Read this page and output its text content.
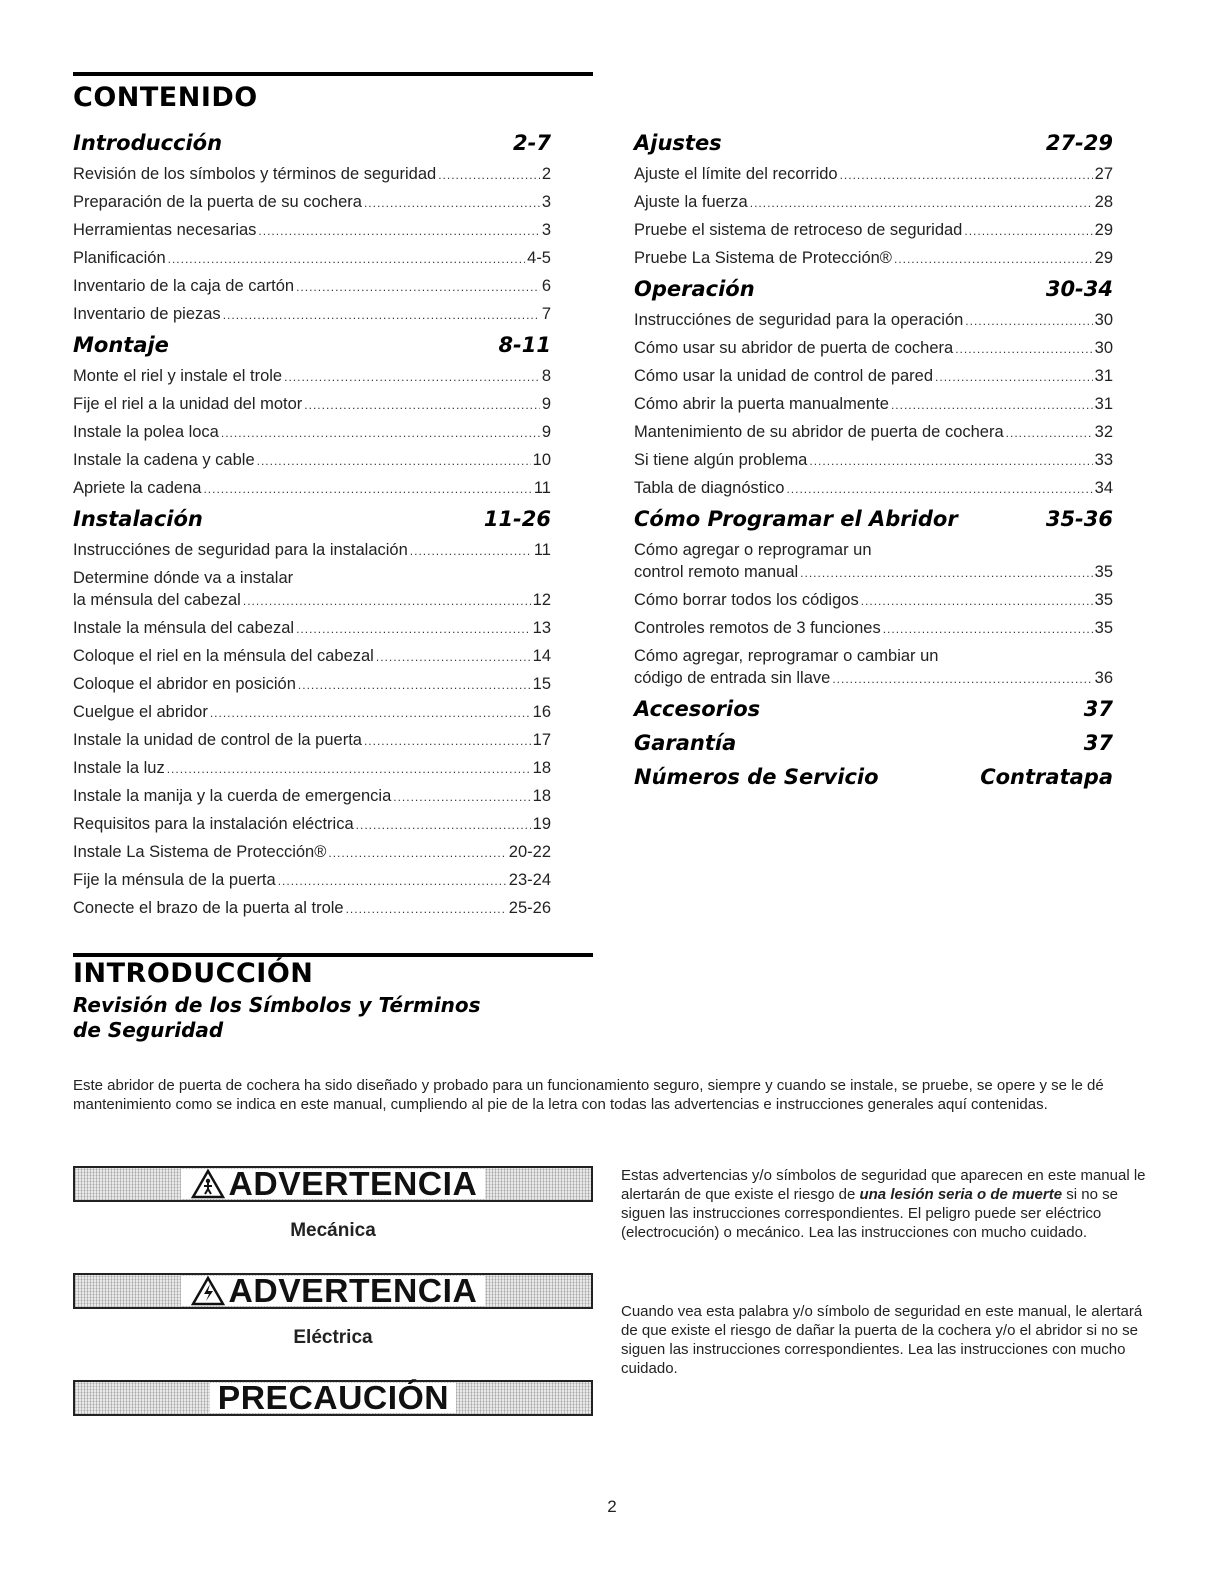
CONTENIDO
Introducción	2-7
Revisión de los símbolos y términos de seguridad .....	2
Preparación de la puerta de su cochera .....	3
Herramientas necesarias .....	3
Planificación .....	4-5
Inventario de la caja de cartón .....	6
Inventario de piezas .....	7
Montaje	8-11
Monte el riel y instale el trole .....	8
Fije el riel a la unidad del motor .....	9
Instale la polea loca .....	9
Instale la cadena y cable .....	10
Apriete la cadena .....	11
Instalación	11-26
Instrucciónes de seguridad para la instalación .....	11
Determine dónde va a instalar
la ménsula del cabezal .....	12
Instale la ménsula del cabezal .....	13
Coloque el riel en la ménsula del cabezal .....	14
Coloque el abridor en posición .....	15
Cuelgue el abridor .....	16
Instale la unidad de control de la puerta .....	17
Instale la luz .....	18
Instale la manija y la cuerda de emergencia .....	18
Requisitos para la instalación eléctrica .....	19
Instale La Sistema de Protección® .....	20-22
Fije la ménsula de la puerta .....	23-24
Conecte el brazo de la puerta al trole .....	25-26
Ajustes	27-29
Ajuste el límite del recorrido .....	27
Ajuste la fuerza .....	28
Pruebe el sistema de retroceso de seguridad .....	29
Pruebe La Sistema de Protección® .....	29
Operación	30-34
Instrucciónes de seguridad para la operación .....	30
Cómo usar su abridor de puerta de cochera .....	30
Cómo usar la unidad de control de pared .....	31
Cómo abrir la puerta manualmente .....	31
Mantenimiento de su abridor de puerta de cochera .....	32
Si tiene algún problema .....	33
Tabla de diagnóstico .....	34
Cómo Programar el Abridor	35-36
Cómo agregar o reprogramar un
control remoto manual .....	35
Cómo borrar todos los códigos .....	35
Controles remotos de 3 funciones .....	35
Cómo agregar, reprogramar o cambiar un
código de entrada sin llave .....	36
Accesorios	37
Garantía	37
Números de Servicio	Contratapa
INTRODUCCIÓN
Revisión de los Símbolos y Términos
de Seguridad

Este abridor de puerta de cochera ha sido diseñado y probado para un funcionamiento seguro, siempre y cuando se instale, se pruebe, se opere y se le dé mantenimiento como se indica en este manual, cumpliendo al pie de la letra con todas las advertencias e instrucciones generales aquí contenidas.

ADVERTENCIA
Mecánica
ADVERTENCIA
Eléctrica
PRECAUCIÓN

Estas advertencias y/o símbolos de seguridad que aparecen en este manual le alertarán de que existe el riesgo de una lesión seria o de muerte si no se siguen las instrucciones correspondientes. El peligro puede ser eléctrico (electrocución) o mecánico. Lea las instrucciones con mucho cuidado.

Cuando vea esta palabra y/o símbolo de seguridad en este manual, le alertará de que existe el riesgo de dañar la puerta de la cochera y/o el abridor si no se siguen las instrucciones correspondientes. Lea las instrucciones con mucho cuidado.

2
